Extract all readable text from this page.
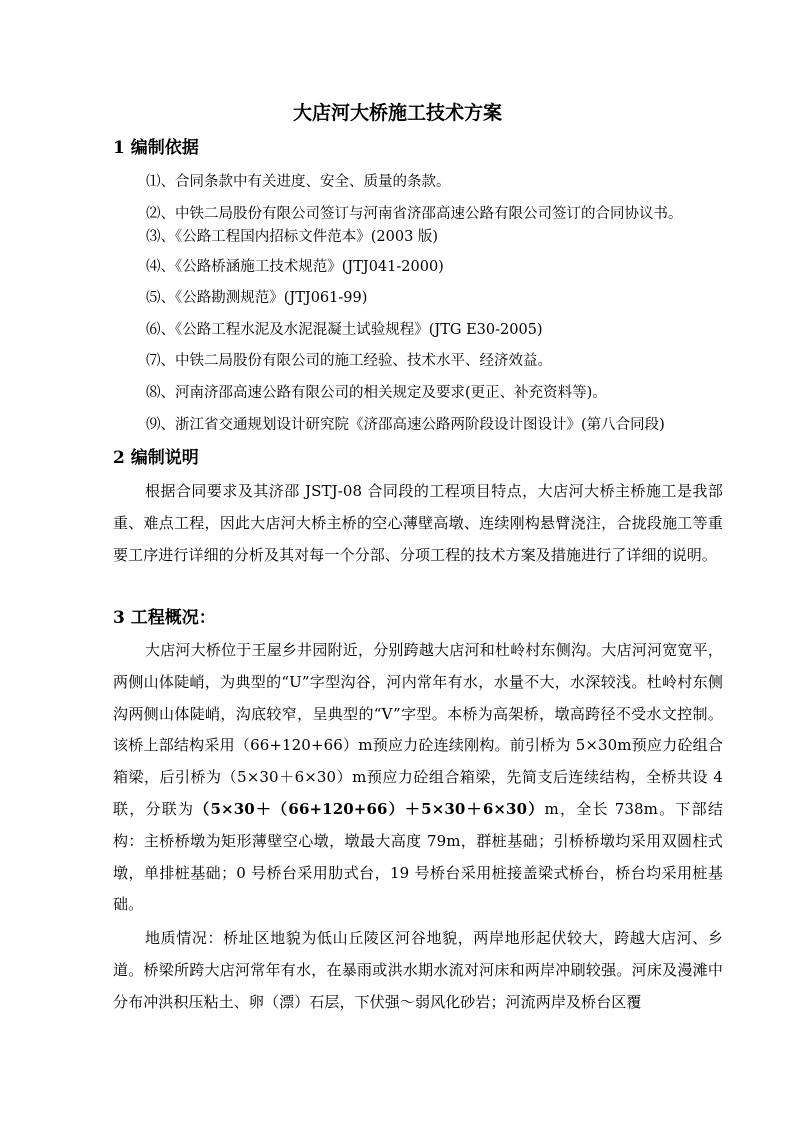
大店河大桥施工技术方案
1 编制依据
⑴、合同条款中有关进度、安全、质量的条款。
⑵、中铁二局股份有限公司签订与河南省济邵高速公路有限公司签订的合同协议书。
⑶、《公路工程国内招标文件范本》(2003 版)
⑷、《公路桥涵施工技术规范》(JTJ041-2000)
⑸、《公路勘测规范》(JTJ061-99)
⑹、《公路工程水泥及水泥混凝土试验规程》(JTG E30-2005)
⑺、中铁二局股份有限公司的施工经验、技术水平、经济效益。
⑻、河南济邵高速公路有限公司的相关规定及要求(更正、补充资料等)。
⑼、浙江省交通规划设计研究院《济邵高速公路两阶段设计图设计》(第八合同段)
2 编制说明
根据合同要求及其济邵 JSTJ-08 合同段的工程项目特点，大店河大桥主桥施工是我部重、难点工程，因此大店河大桥主桥的空心薄壁高墩、连续刚构悬臂浇注，合拢段施工等重要工序进行详细的分析及其对每一个分部、分项工程的技术方案及措施进行了详细的说明。
3 工程概况：
大店河大桥位于王屋乡井园附近，分别跨越大店河和杜岭村东侧沟。大店河河宽宽平，两侧山体陡峭，为典型的“U”字型沟谷，河内常年有水，水量不大，水深较浅。杜岭村东侧沟两侧山体陡峭，沟底较窄，呈典型的“V”字型。本桥为高架桥，墩高跨径不受水文控制。该桥上部结构采用（66+120+66）m预应力砼连续刚构。前引桥为 5×30m预应力砼组合箱梁，后引桥为（5×30＋6×30）m预应力砼组合箱梁，先简支后连续结构，全桥共设 4 联，分联为（5×30＋（66+120+66）＋5×30＋6×30）m，全长 738m。下部结构：主桥桥墩为矩形薄壁空心墩，墩最大高度 79m，群桩基础；引桥桥墩均采用双圆柱式墩，单排桩基础；0 号桥台采用肋式台，19 号桥台采用桩接盖梁式桥台，桥台均采用桩基础。
地质情况：桥址区地貌为低山丘陵区河谷地貌，两岸地形起伏较大，跨越大店河、乡道。桥梁所跨大店河常年有水，在暴雨或洪水期水流对河床和两岸冲刷较强。河床及漫滩中分布冲洪积压粘土、卵（漂）石层，下伏强～弱风化砂岩；河流两岸及桥台区覆
